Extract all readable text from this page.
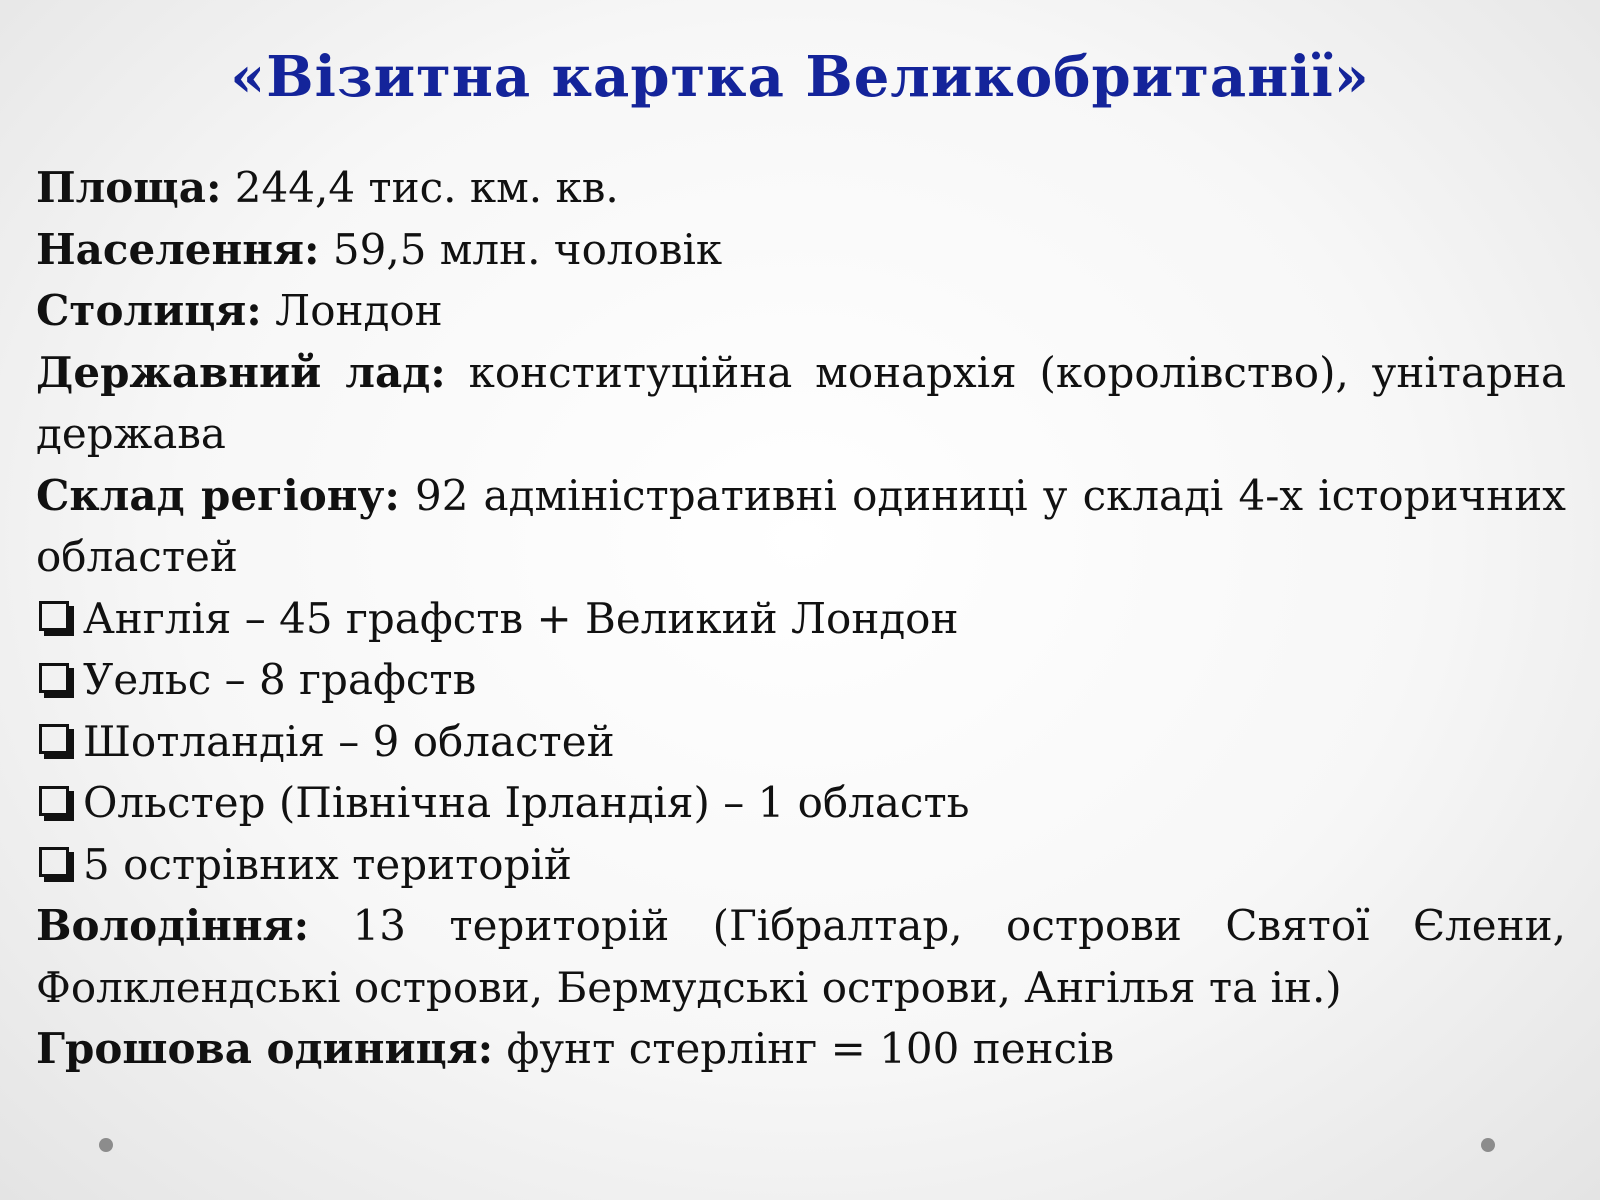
«Візитна картка Великобританії»

Площа: 244,4 тис. км. кв.

Населення: 59,5 млн. чоловік

Столиця: Лондон

Державний лад: конституційна монархія (королівство), унітарна держава

Склад регіону: 92 адміністративні одиниці у складі 4-х історичних областей

Англія – 45 графств + Великий Лондон
Уельс – 8 графств
Шотландія – 9 областей
Ольстер (Північна Ірландія) – 1 область
5 острівних територій

Володіння: 13 територій (Гібралтар, острови Святої Єлени, Фолклендські острови, Бермудські острови, Ангілья та ін.)

Грошова одиниця: фунт стерлінг = 100 пенсів
